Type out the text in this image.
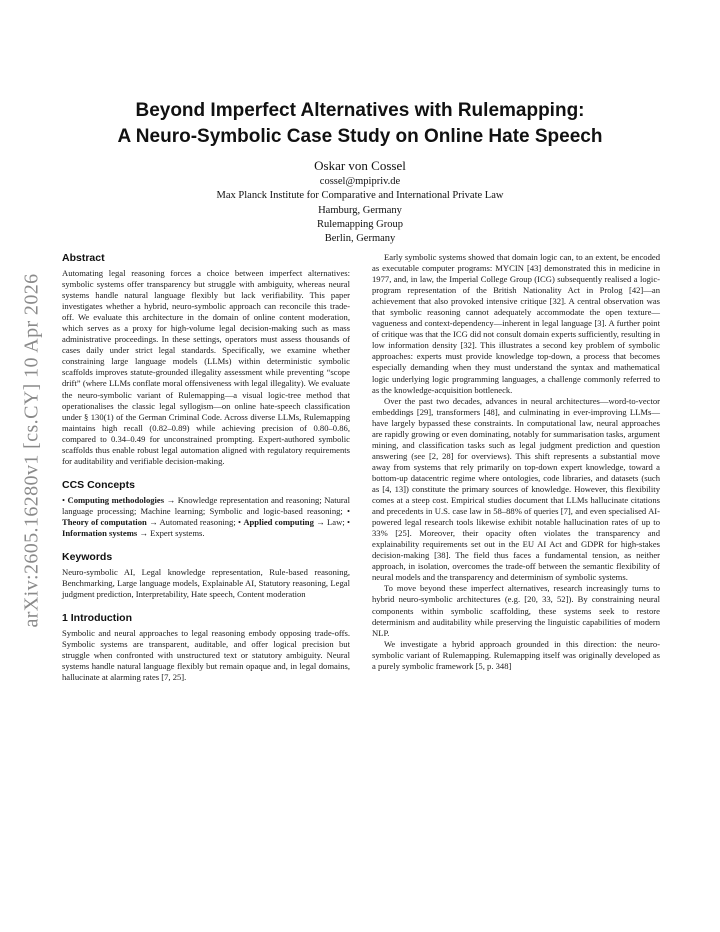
arXiv:2605.16280v1 [cs.CY] 10 Apr 2026
Beyond Imperfect Alternatives with Rulemapping:
A Neuro-Symbolic Case Study on Online Hate Speech
Oskar von Cossel
cossel@mpipriv.de
Max Planck Institute for Comparative and International Private Law
Hamburg, Germany
Rulemapping Group
Berlin, Germany
Abstract

Automating legal reasoning forces a choice between imperfect alternatives: symbolic systems offer transparency but struggle with ambiguity, whereas neural systems handle natural language flexibly but lack verifiability. This paper investigates whether a hybrid, neuro-symbolic approach can reconcile this trade-off. We evaluate this architecture in the domain of online content moderation, which serves as a proxy for high-volume legal decision-making such as mass administrative proceedings. In these settings, operators must assess thousands of cases daily under strict legal standards. Specifically, we examine whether constraining large language models (LLMs) within deterministic symbolic scaffolds improves statute-grounded illegality assessment while preventing “scope drift” (where LLMs conflate moral offensiveness with legal illegality). We evaluate the neuro-symbolic variant of Rulemapping—a visual logic-tree method that operationalises the classic legal syllogism—on online hate-speech classification under § 130(1) of the German Criminal Code. Across diverse LLMs, Rulemapping maintains high recall (0.82–0.89) while achieving precision of 0.80–0.86, compared to 0.34–0.49 for unconstrained prompting. Expert-authored symbolic scaffolds thus enable robust legal automation aligned with regulatory requirements for auditability and verifiable decision-making.

CCS Concepts

• Computing methodologies → Knowledge representation and reasoning; Natural language processing; Machine learning; Symbolic and logic-based reasoning; • Theory of computation → Automated reasoning; • Applied computing → Law; • Information systems → Expert systems.

Keywords

Neuro-symbolic AI, Legal knowledge representation, Rule-based reasoning, Benchmarking, Large language models, Explainable AI, Statutory reasoning, Legal judgment prediction, Interpretability, Hate speech, Content moderation

1 Introduction

Symbolic and neural approaches to legal reasoning embody opposing trade-offs. Symbolic systems are transparent, auditable, and offer logical precision but struggle when confronted with unstructured text or statutory ambiguity. Neural systems handle natural language flexibly but remain opaque and, in legal domains, hallucinate at alarming rates [7, 25].

Early symbolic systems showed that domain logic can, to an extent, be encoded as executable computer programs: MYCIN [43] demonstrated this in medicine in 1977, and, in law, the Imperial College Group (ICG) subsequently realised a logic-program representation of the British Nationality Act in Prolog [42]—an achievement that also provoked intensive critique [32]. A central observation was that symbolic reasoning cannot adequately accommodate the open texture—vagueness and context-dependency—inherent in legal language [3]. A further point of critique was that the ICG did not consult domain experts sufficiently, resulting in low information density [32]. This illustrates a second key problem of symbolic approaches: experts must provide knowledge top-down, a process that becomes especially demanding when they must understand the syntax and mathematical logic underlying logic programming languages, a challenge commonly referred to as the knowledge-acquisition bottleneck.

Over the past two decades, advances in neural architectures—word-to-vector embeddings [29], transformers [48], and culminating in ever-improving LLMs—have largely bypassed these constraints. In computational law, neural approaches are rapidly growing or even dominating, notably for summarisation tasks, argument mining, and classification tasks such as legal judgment prediction and question answering (see [2, 28] for overviews). This shift represents a substantial move away from systems that rely primarily on top-down expert knowledge, toward a bottom-up datacentric regime where ontologies, code libraries, and datasets (such as [4, 13]) constitute the primary sources of knowledge. However, this flexibility comes at a steep cost. Empirical studies document that LLMs hallucinate citations and precedents in U.S. case law in 58–88% of queries [7], and even specialised AI-powered legal research tools likewise exhibit notable hallucination rates of up to 33% [25]. Moreover, their opacity often violates the transparency and explainability requirements set out in the EU AI Act and GDPR for high-stakes decision-making [38]. The field thus faces a fundamental tension, as neither approach, in isolation, overcomes the trade-off between the semantic flexibility of neural models and the transparency and determinism of symbolic systems.

To move beyond these imperfect alternatives, research increasingly turns to hybrid neuro-symbolic architectures (e.g. [20, 33, 52]). By constraining neural components within symbolic scaffolding, these systems seek to restore determinism and auditability while preserving the linguistic capabilities of modern NLP.

We investigate a hybrid approach grounded in this direction: the neuro-symbolic variant of Rulemapping. Rulemapping itself was originally developed as a purely symbolic framework [5, p. 348]
